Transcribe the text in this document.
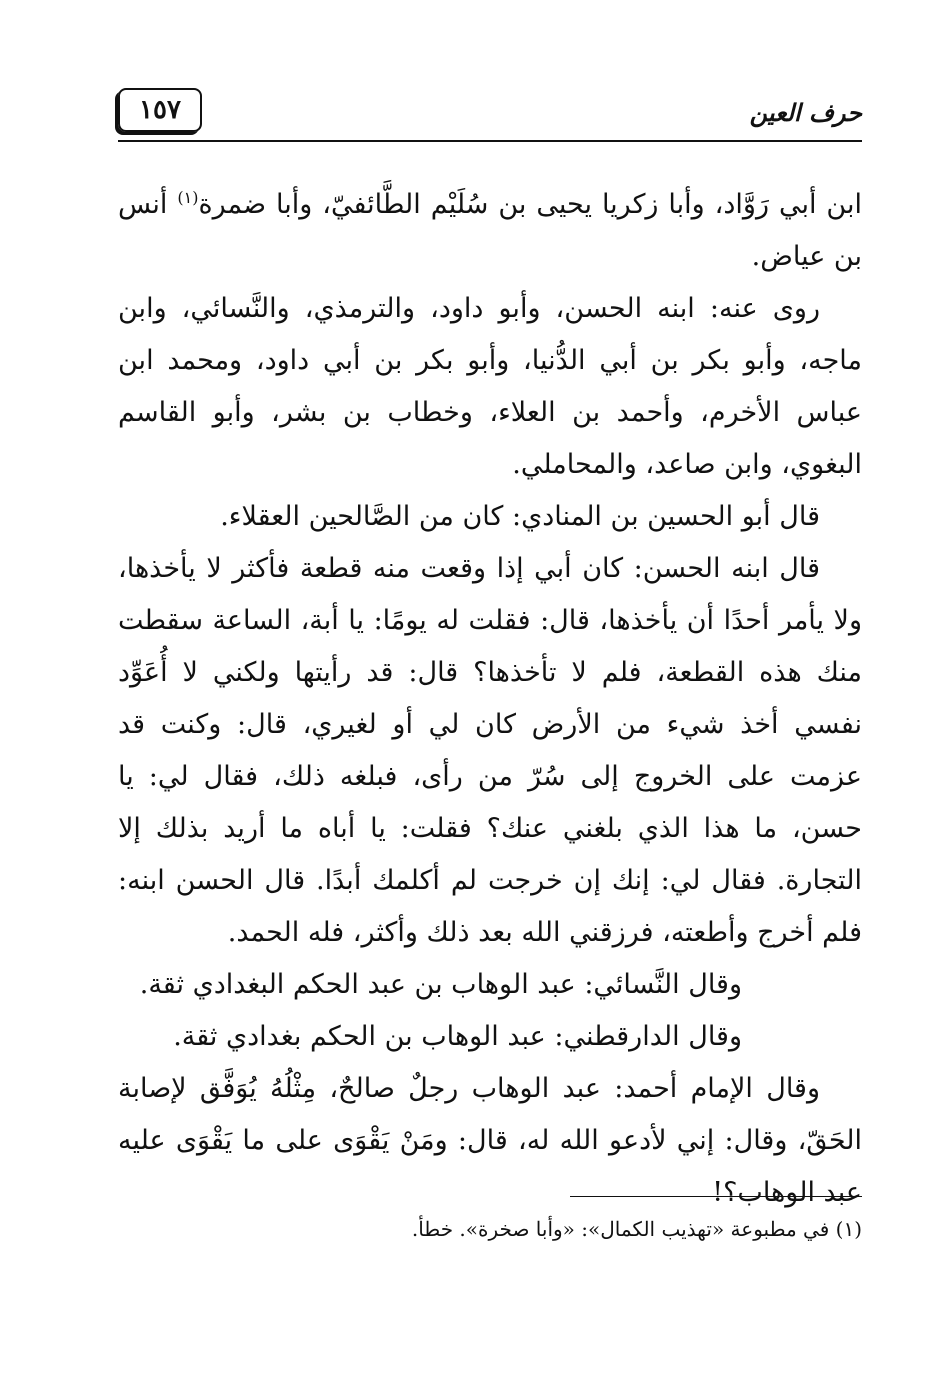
١٥٧	حرف العين

ابن أبي رَوَّاد، وأبا زكريا يحيى بن سُلَيْم الطَّائفيّ، وأبا ضمرة$^{(١)}$ أنس بن عياض.

روى عنه: ابنه الحسن، وأبو داود، والترمذي، والنَّسائي، وابن ماجه، وأبو بكر بن أبي الدُّنيا، وأبو بكر بن أبي داود، ومحمد ابن عباس الأخرم، وأحمد بن العلاء، وخطاب بن بشر، وأبو القاسم البغوي، وابن صاعد، والمحاملي.

قال أبو الحسين بن المنادي: كان من الصَّالحين العقلاء.

قال ابنه الحسن: كان أبي إذا وقعت منه قطعة فأكثر لا يأخذها، ولا يأمر أحدًا أن يأخذها، قال: فقلت له يومًا: يا أبة، الساعة سقطت منك هذه القطعة، فلم لا تأخذها؟ قال: قد رأيتها ولكني لا أُعَوِّد نفسي أخذ شيء من الأرض كان لي أو لغيري، قال: وكنت قد عزمت على الخروج إلى سُرّ من رأى، فبلغه ذلك، فقال لي: يا حسن، ما هذا الذي بلغني عنك؟ فقلت: يا أباه ما أريد بذلك إلا التجارة. فقال لي: إنك إن خرجت لم أكلمك أبدًا. قال الحسن ابنه: فلم أخرج وأطعته، فرزقني الله بعد ذلك وأكثر، فله الحمد.

وقال النَّسائي: عبد الوهاب بن عبد الحكم البغدادي ثقة.

وقال الدارقطني: عبد الوهاب بن الحكم بغدادي ثقة.

وقال الإمام أحمد: عبد الوهاب رجلٌ صالحٌ، مِثْلُهُ يُوَفَّق لإصابة الحَقّ، وقال: إني لأدعو الله له، قال: ومَنْ يَقْوَى على ما يَقْوَى عليه عبد الوهاب؟!

(١) في مطبوعة «تهذيب الكمال»: «وأبا صخرة». خطأ.
